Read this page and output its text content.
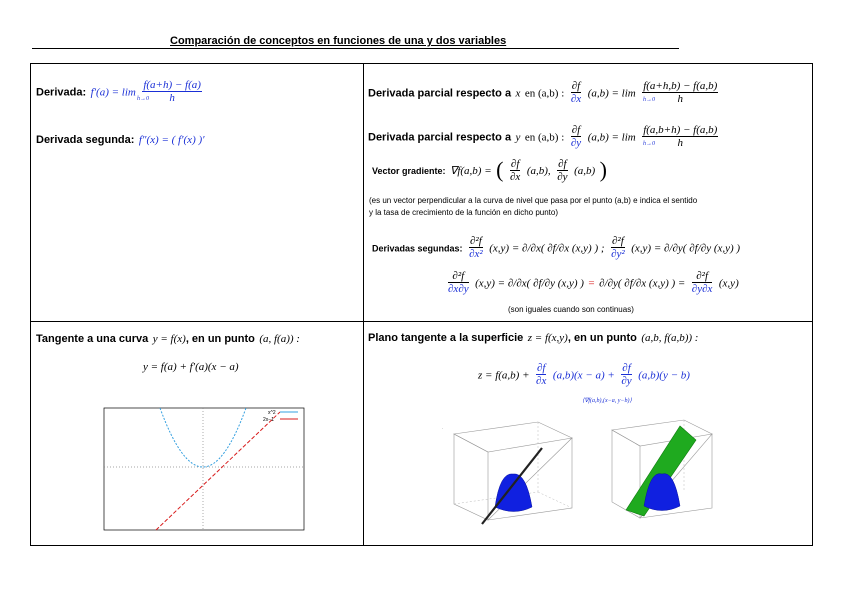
Comparación de conceptos en funciones de una y dos variables
Derivada: $f'(a) = \lim \frac{f(a+h) - f(a)}{h}$
h→0
Derivada segunda: f″(x) = ( f′(x) )′
Derivada parcial respecto a x en (a,b) : $\frac{\partial f}{\partial x} (a,b) = \lim \frac{f(a+h,b) - f(a,b)}{h}$
h→0
Derivada parcial respecto a y en (a,b) : $\frac{\partial f}{\partial y} (a,b) = \lim \frac{f(a,b+h) - f(a,b)}{h}$
h→0
Vector gradiente: ∇f(a,b) = ( $\frac{\partial f}{\partial x} (a,b)$, $\frac{\partial f}{\partial y} (a,b)$ )
(es un vector perpendicular a la curva de nivel que pasa por el punto (a,b) e indica el sentido
y la tasa de crecimiento de la función en dicho punto)
Derivadas segundas: $\frac{\text{∂²f}}{\text{∂x²}} (x,y) = \partial/\partial x$( ∂f/∂x (x,y) ) ; $\frac{\text{∂²f}}{\text{∂y²}} (x,y) = \partial/\partial y$( ∂f/∂y (x,y) )
$\frac{\text{∂²f}}{\partial x\partial y} (x,y) = \partial/\partial x$( ∂f/∂y (x,y) ) = ∂/∂y( ∂f/∂x (x,y) ) = $\frac{\text{∂²f}}{\partial y\partial x} (x,y)$
(son iguales cuando son continuas)
Tangente a una curva y = f(x), en un punto (a, f(a)) :
y = f(a) + f′(a)(x − a)
x^2
2x−1
Plano tangente a la superficie z = f(x,y), en un punto (a,b, f(a,b)) :
$z = f(a,b) + \frac{\partial f}{\partial x} (a,b)(x - a) + \frac{\partial f}{\partial y} (a,b)(y - b)$
⟨∇f(a,b),(x−a, y−b)⟩
·
